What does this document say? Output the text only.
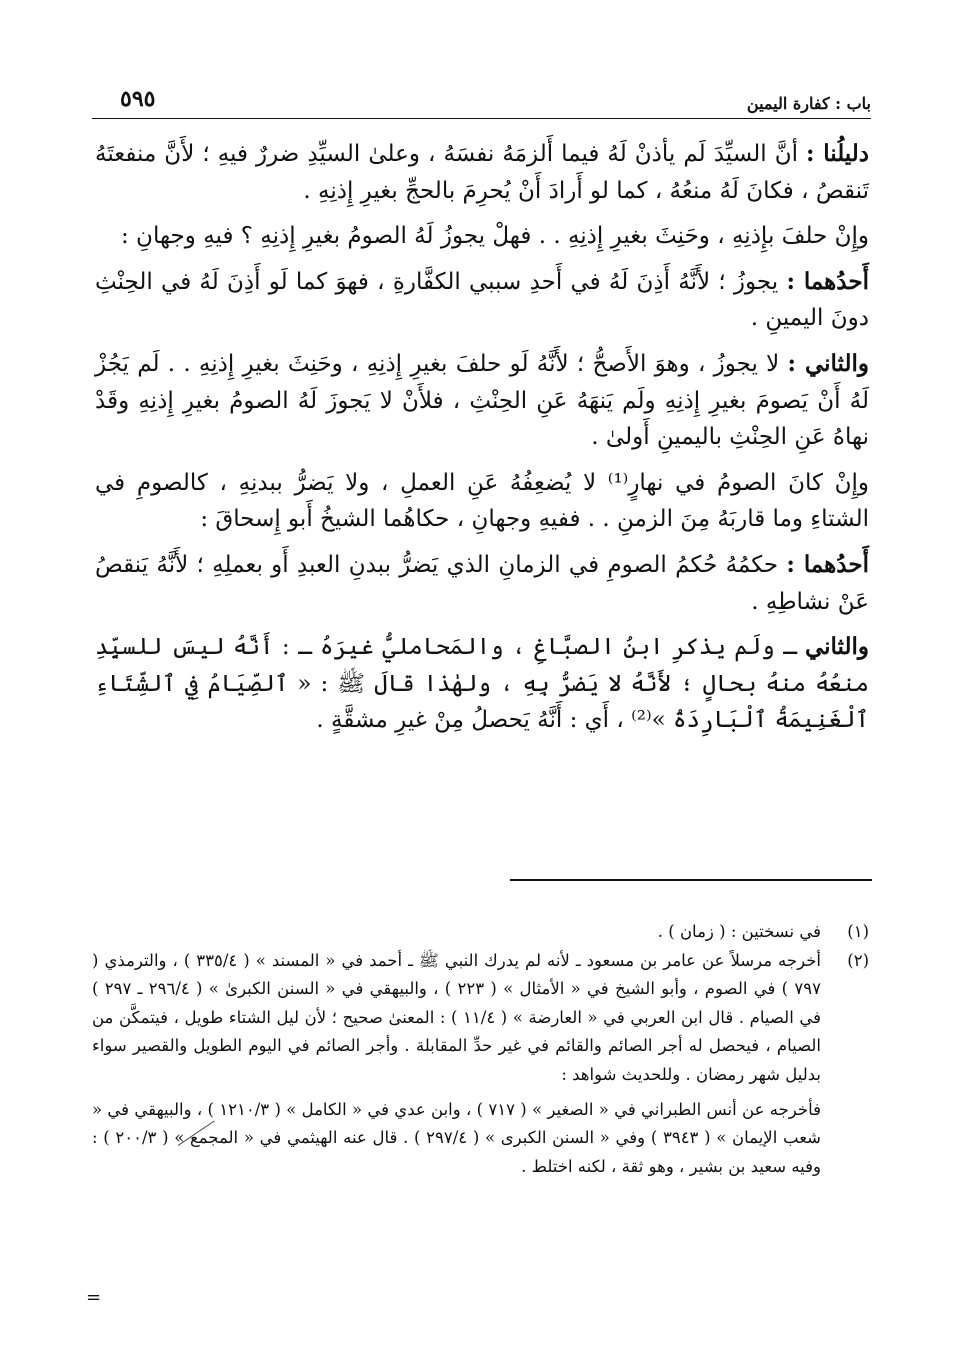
باب : كفارة اليمين
٥٩٥

دليلُنا : أنَّ السيِّدَ لَم يأذنْ لَهُ فيما أَلزمَهُ نفسَهُ ، وعلىٰ السيِّدِ ضررٌ فيهِ ؛ لأَنَّ منفعتَهُ تَنقصُ ، فكانَ لَهُ منعُهُ ، كما لو أَرادَ أَنْ يُحرِمَ بالحجِّ بغيرِ إِذنِهِ .

وإِنْ حلفَ بإِذنِهِ ، وحَنِثَ بغيرِ إِذنِهِ . . فهلْ يجوزُ لَهُ الصومُ بغيرِ إِذنِهِ ؟ فيهِ وجهانِ :

أَحدُهما : يجوزُ ؛ لأَنَّهُ أَذِنَ لَهُ في أَحدِ سببي الكفَّارةِ ، فهوَ كما لَو أَذِنَ لَهُ في الحِنْثِ دونَ اليمينِ .

والثاني : لا يجوزُ ، وهوَ الأَصحُّ ؛ لأَنَّهُ لَو حلفَ بغيرِ إِذنِهِ ، وحَنِثَ بغيرِ إِذنِهِ . . لَم يَجُزْ لَهُ أَنْ يَصومَ بغيرِ إِذنِهِ ولَم يَنهَهُ عَنِ الحِنْثِ ، فلأَنْ لا يَجوزَ لَهُ الصومُ بغيرِ إِذنِهِ وقَدْ نهاهُ عَنِ الحِنْثِ باليمينِ أَولىٰ .

وإِنْ كانَ الصومُ في نهارٍ⁽¹⁾ لا يُضعِفُهُ عَنِ العملِ ، ولا يَضرُّ ببدنِهِ ، كالصومِ في الشتاءِ وما قاربَهُ مِنَ الزمنِ . . ففيهِ وجهانِ ، حكاهُما الشيخُ أَبو إِسحاقَ :

أَحدُهما : حكمُهُ حُكمُ الصومِ في الزمانِ الذي يَضرُّ ببدنِ العبدِ أَو بعملِهِ ؛ لأَنَّهُ يَنقصُ عَنْ نشاطِهِ .

والثاني ـ ولَم يذكرِ ابنُ الصبَّاغِ ، والمَحامليُّ غيرَهُ ـ : أَنَّهُ ليسَ للسيِّدِ منعُهُ منهُ بحالٍ ؛ لأَنَّهُ لا يَضرُّ بِهِ ، ولهٰذا قالَ ﷺ : « ٱلصِّيَامُ فِي ٱلشِّتَاءِ ٱلْغَنِيمَةُ ٱلْبَارِدَةُ »⁽²⁾ ، أَي : أَنَّهُ يَحصلُ مِنْ غيرِ مشقَّةٍ .

(١)
في نسختين : ( زمان ) .

(٢)
أخرجه مرسلاً عن عامر بن مسعود ـ لأنه لم يدرك النبي ﷺ ـ أحمد في « المسند » ( ٣٣٥/٤ ) ، والترمذي ( ٧٩٧ ) في الصوم ، وأبو الشيخ في « الأمثال » ( ٢٢٣ ) ، والبيهقي في « السنن الكبرىٰ » ( ٢٩٦/٤ ـ ٢٩٧ ) في الصيام . قال ابن العربي في « العارضة » ( ١١/٤ ) : المعنىٰ صحيح ؛ لأن ليل الشتاء طويل ، فيتمكَّن من الصيام ، فيحصل له أجر الصائم والقائم في غير حدِّ المقابلة . وأجر الصائم في اليوم الطويل والقصير سواء بدليل شهر رمضان . وللحديث شواهد :

فأخرجه عن أنس الطبراني في « الصغير » ( ٧١٧ ) ، وابن عدي في « الكامل » ( ١٢١٠/٣ ) ، والبيهقي في « شعب الإيمان » ( ٣٩٤٣ ) وفي « السنن الكبرى » ( ٢٩٧/٤ ) . قال عنه الهيثمي في « المجمع » ( ٢٠٠/٣ ) : وفيه سعيد بن بشير ، وهو ثقة ، لكنه اختلط .

=
